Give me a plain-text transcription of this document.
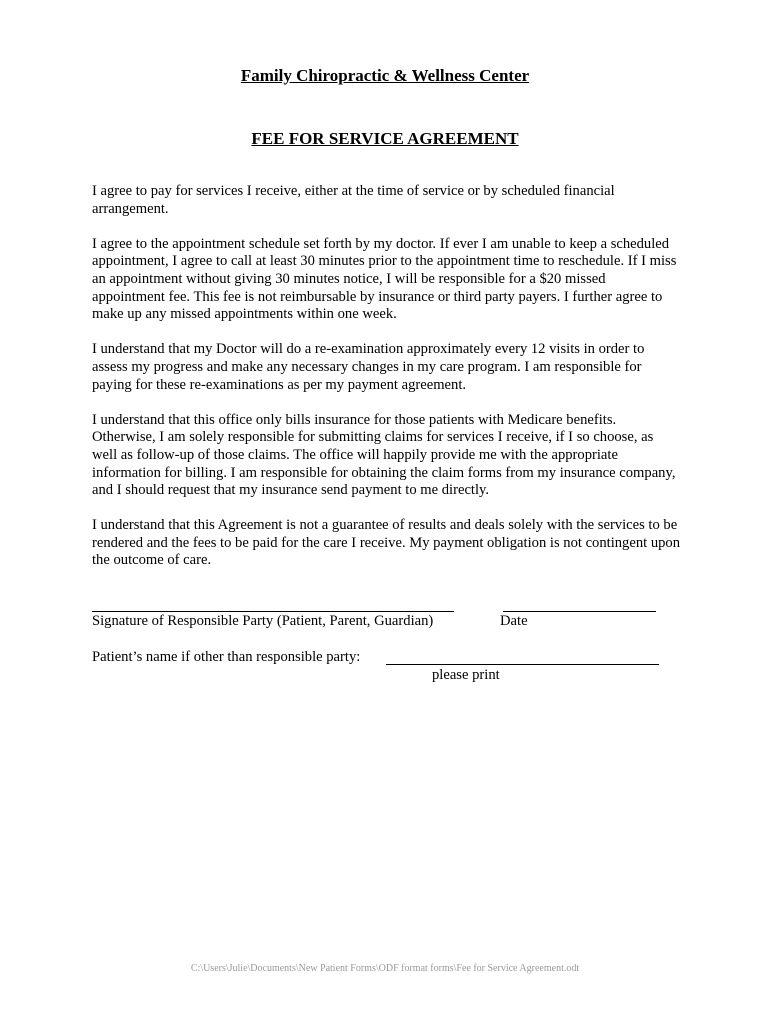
Family Chiropractic & Wellness Center
FEE FOR SERVICE AGREEMENT

I agree to pay for services I receive, either at the time of service or by scheduled financial arrangement.

I agree to the appointment schedule set forth by my doctor. If ever I am unable to keep a scheduled appointment, I agree to call at least 30 minutes prior to the appointment time to reschedule. If I miss an appointment without giving 30 minutes notice, I will be responsible for a $20 missed appointment fee. This fee is not reimbursable by insurance or third party payers. I further agree to make up any missed appointments within one week.

I understand that my Doctor will do a re-examination approximately every 12 visits in order to assess my progress and make any necessary changes in my care program. I am responsible for paying for these re-examinations as per my payment agreement.

I understand that this office only bills insurance for those patients with Medicare benefits. Otherwise, I am solely responsible for submitting claims for services I receive, if I so choose, as well as follow-up of those claims. The office will happily provide me with the appropriate information for billing. I am responsible for obtaining the claim forms from my insurance company, and I should request that my insurance send payment to me directly.

I understand that this Agreement is not a guarantee of results and deals solely with the services to be rendered and the fees to be paid for the care I receive. My payment obligation is not contingent upon the outcome of care.

Signature of Responsible Party (Patient, Parent, Guardian)	Date
Patient’s name if other than responsible party:
please print
C:\Users\Julie\Documents\New Patient Forms\ODF format forms\Fee for Service Agreement.odt
